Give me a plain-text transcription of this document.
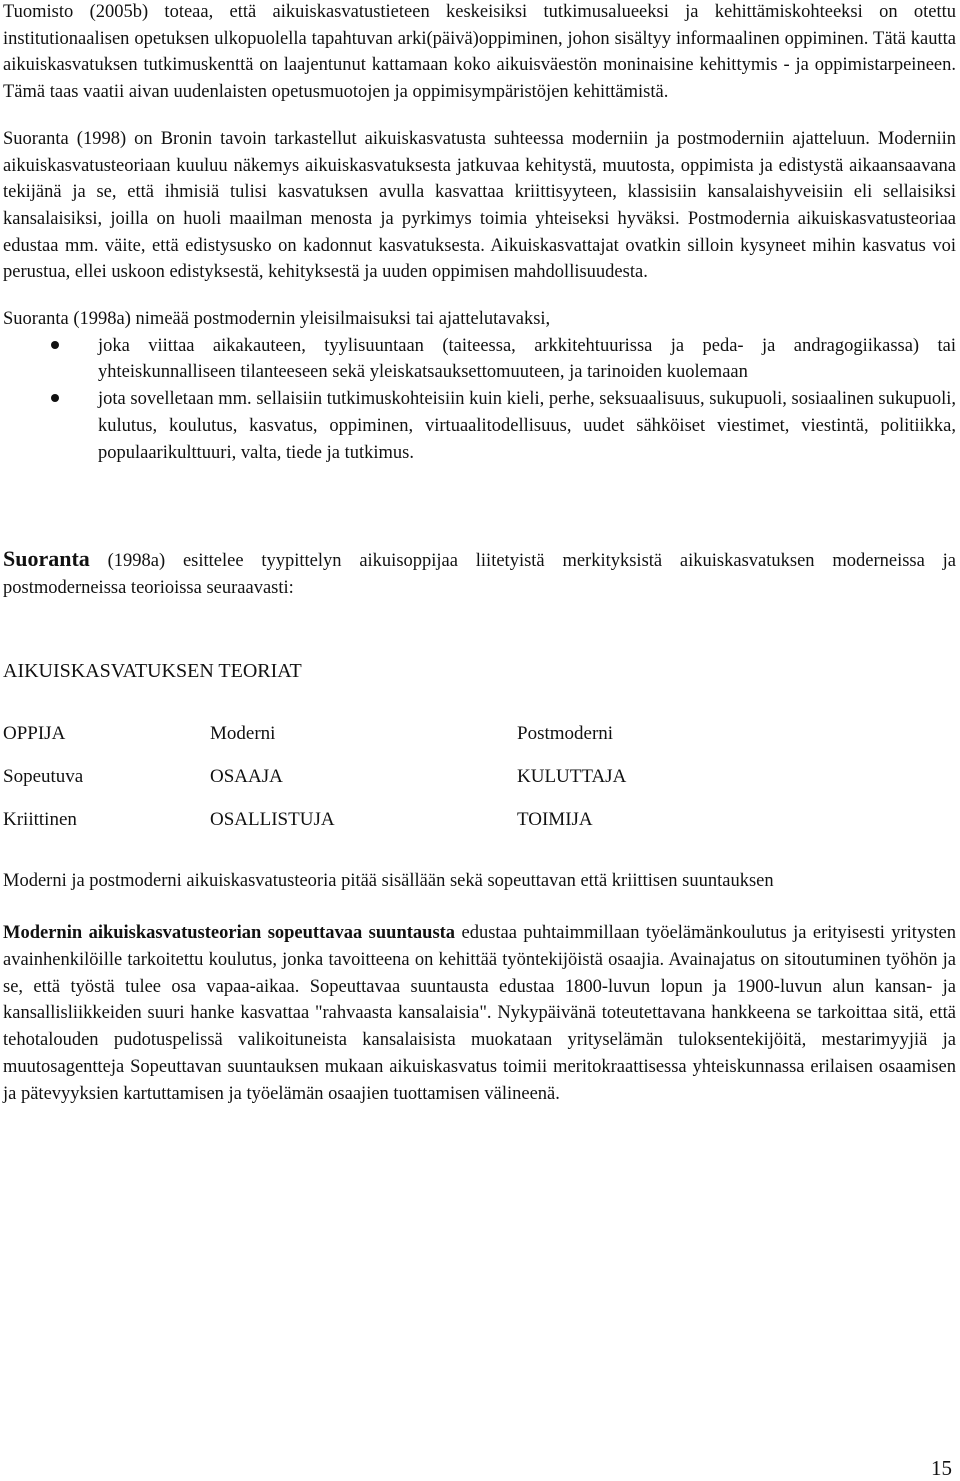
Tuomisto (2005b) toteaa, että aikuiskasvatustieteen keskeisiksi tutkimusalueeksi ja kehittämiskohteeksi on otettu institutionaalisen opetuksen ulkopuolella tapahtuvan arki(päivä)oppiminen, johon sisältyy informaalinen oppiminen. Tätä kautta aikuiskasvatuksen tutkimuskenttä on laajentunut kattamaan koko aikuisväestön moninaisine kehittymis - ja oppimistarpeineen. Tämä taas vaatii aivan uudenlaisten opetusmuotojen ja oppimisympäristöjen kehittämistä.

Suoranta (1998) on Bronin tavoin tarkastellut aikuiskasvatusta suhteessa moderniin ja postmoderniin ajatteluun. Moderniin aikuiskasvatusteoriaan kuuluu näkemys aikuiskasvatuksesta jatkuvaa kehitystä, muutosta, oppimista ja edistystä aikaansaavana tekijänä ja se, että ihmisiä tulisi kasvatuksen avulla kasvattaa kriittisyyteen, klassisiin kansalaishyveisiin eli sellaisiksi kansalaisiksi, joilla on huoli maailman menosta ja pyrkimys toimia yhteiseksi hyväksi. Postmodernia aikuiskasvatusteoriaa edustaa mm. väite, että edistysusko on kadonnut kasvatuksesta. Aikuiskasvattajat ovatkin silloin kysyneet mihin kasvatus voi perustua, ellei uskoon edistyksestä, kehityksestä ja uuden oppimisen mahdollisuudesta.

Suoranta (1998a) nimeää postmodernin yleisilmaisuksi tai ajattelutavaksi,

joka viittaa aikakauteen, tyylisuuntaan (taiteessa, arkkitehtuurissa ja peda- ja andragogiikassa) tai yhteiskunnalliseen tilanteeseen sekä yleiskatsauksettomuuteen, ja tarinoiden kuolemaan
jota sovelletaan mm. sellaisiin tutkimuskohteisiin kuin kieli, perhe, seksuaalisuus, sukupuoli, sosiaalinen sukupuoli, kulutus, koulutus, kasvatus, oppiminen, virtuaalitodellisuus, uudet sähköiset viestimet, viestintä, politiikka, populaarikulttuuri, valta, tiede ja tutkimus.

Suoranta (1998a) esittelee tyypittelyn aikuisoppijaa liitetyistä merkityksistä aikuiskasvatuksen moderneissa ja postmoderneissa teorioissa seuraavasti:

AIKUISKASVATUKSEN TEORIAT

OPPIJA	Moderni	Postmoderni
Sopeutuva	OSAAJA	KULUTTAJA
Kriittinen	OSALLISTUJA	TOIMIJA

Moderni ja postmoderni aikuiskasvatusteoria pitää sisällään sekä sopeuttavan että kriittisen suuntauksen

Modernin aikuiskasvatusteorian sopeuttavaa suuntausta edustaa puhtaimmillaan työelämänkoulutus ja erityisesti yritysten avainhenkilöille tarkoitettu koulutus, jonka tavoitteena on kehittää työntekijöistä osaajia. Avainajatus on sitoutuminen työhön ja se, että työstä tulee osa vapaa-aikaa. Sopeuttavaa suuntausta edustaa 1800-luvun lopun ja 1900-luvun alun kansan- ja kansallisliikkeiden suuri hanke kasvattaa "rahvaasta kansalaisia". Nykypäivänä toteutettavana hankkeena se tarkoittaa sitä, että tehotalouden pudotuspelissä valikoituneista kansalaisista muokataan yrityselämän tuloksentekijöitä, mestarimyyjiä ja muutosagentteja Sopeuttavan suuntauksen mukaan aikuiskasvatus toimii meritokraattisessa yhteiskunnassa erilaisen osaamisen ja pätevyyksien kartuttamisen ja työelämän osaajien tuottamisen välineenä.

15
